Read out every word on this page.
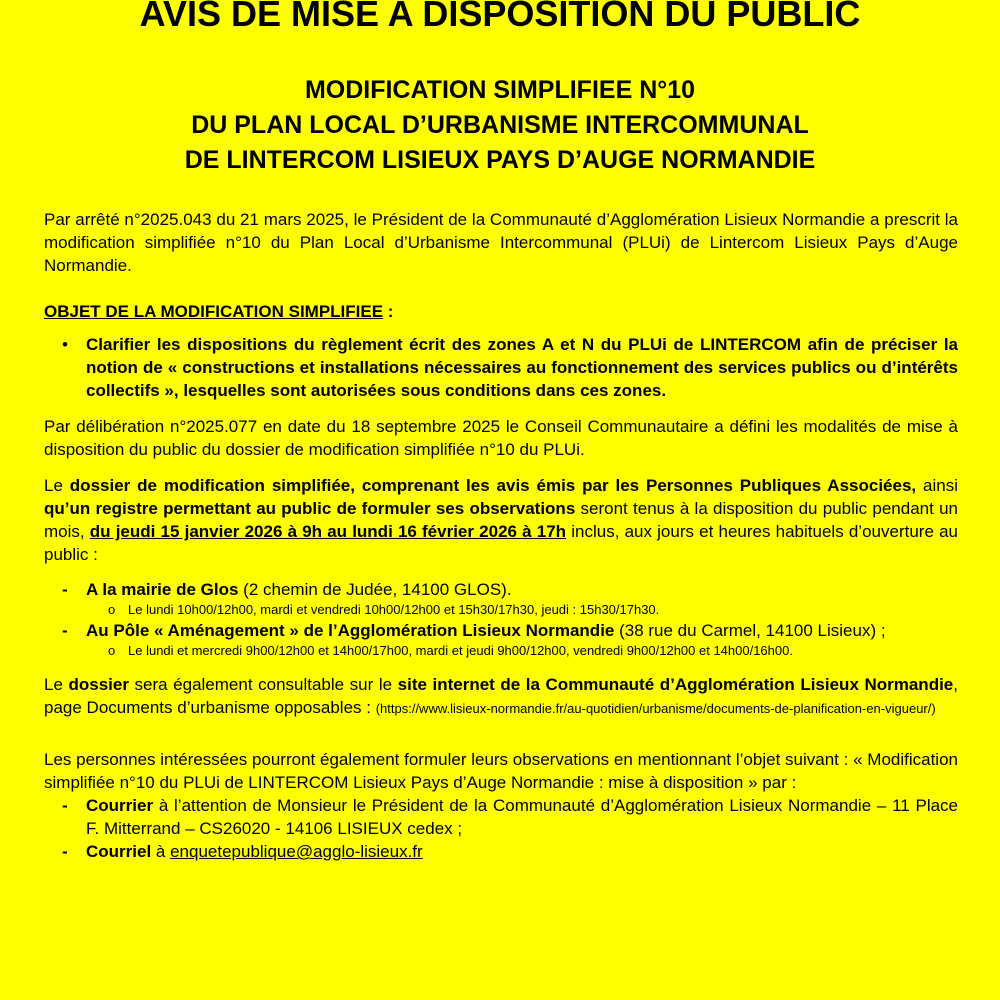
AVIS DE MISE A DISPOSITION DU PUBLIC
MODIFICATION SIMPLIFIEE N°10
DU PLAN LOCAL D’URBANISME INTERCOMMUNAL
DE LINTERCOM LISIEUX PAYS D’AUGE NORMANDIE

Par arrêté n°2025.043 du 21 mars 2025, le Président de la Communauté d’Agglomération Lisieux Normandie a prescrit la modification simplifiée n°10 du Plan Local d’Urbanisme Intercommunal (PLUi) de Lintercom Lisieux Pays d’Auge Normandie.

OBJET DE LA MODIFICATION SIMPLIFIEE :

• Clarifier les dispositions du règlement écrit des zones A et N du PLUi de LINTERCOM afin de préciser la notion de « constructions et installations nécessaires au fonctionnement des services publics ou d’intérêts collectifs », lesquelles sont autorisées sous conditions dans ces zones.

Par délibération n°2025.077 en date du 18 septembre 2025 le Conseil Communautaire a défini les modalités de mise à disposition du public du dossier de modification simplifiée n°10 du PLUi.

Le dossier de modification simplifiée, comprenant les avis émis par les Personnes Publiques Associées, ainsi qu’un registre permettant au public de formuler ses observations seront tenus à la disposition du public pendant un mois, du jeudi 15 janvier 2026 à 9h au lundi 16 février 2026 à 17h inclus, aux jours et heures habituels d’ouverture au public :

- A la mairie de Glos (2 chemin de Judée, 14100 GLOS).
o Le lundi 10h00/12h00, mardi et vendredi 10h00/12h00 et 15h30/17h30, jeudi : 15h30/17h30.
- Au Pôle « Aménagement » de l’Agglomération Lisieux Normandie (38 rue du Carmel, 14100 Lisieux) ;
o Le lundi et mercredi 9h00/12h00 et 14h00/17h00, mardi et jeudi 9h00/12h00, vendredi 9h00/12h00 et 14h00/16h00.

Le dossier sera également consultable sur le site internet de la Communauté d’Agglomération Lisieux Normandie, page Documents d’urbanisme opposables : (https://www.lisieux-normandie.fr/au-quotidien/urbanisme/documents-de-planification-en-vigueur/)

Les personnes intéressées pourront également formuler leurs observations en mentionnant l’objet suivant : « Modification simplifiée n°10 du PLUi de LINTERCOM Lisieux Pays d’Auge Normandie : mise à disposition » par :

- Courrier à l’attention de Monsieur le Président de la Communauté d’Agglomération Lisieux Normandie – 11 Place F. Mitterrand – CS26020 - 14106 LISIEUX cedex ;
- Courriel à enquetepublique@agglo-lisieux.fr
